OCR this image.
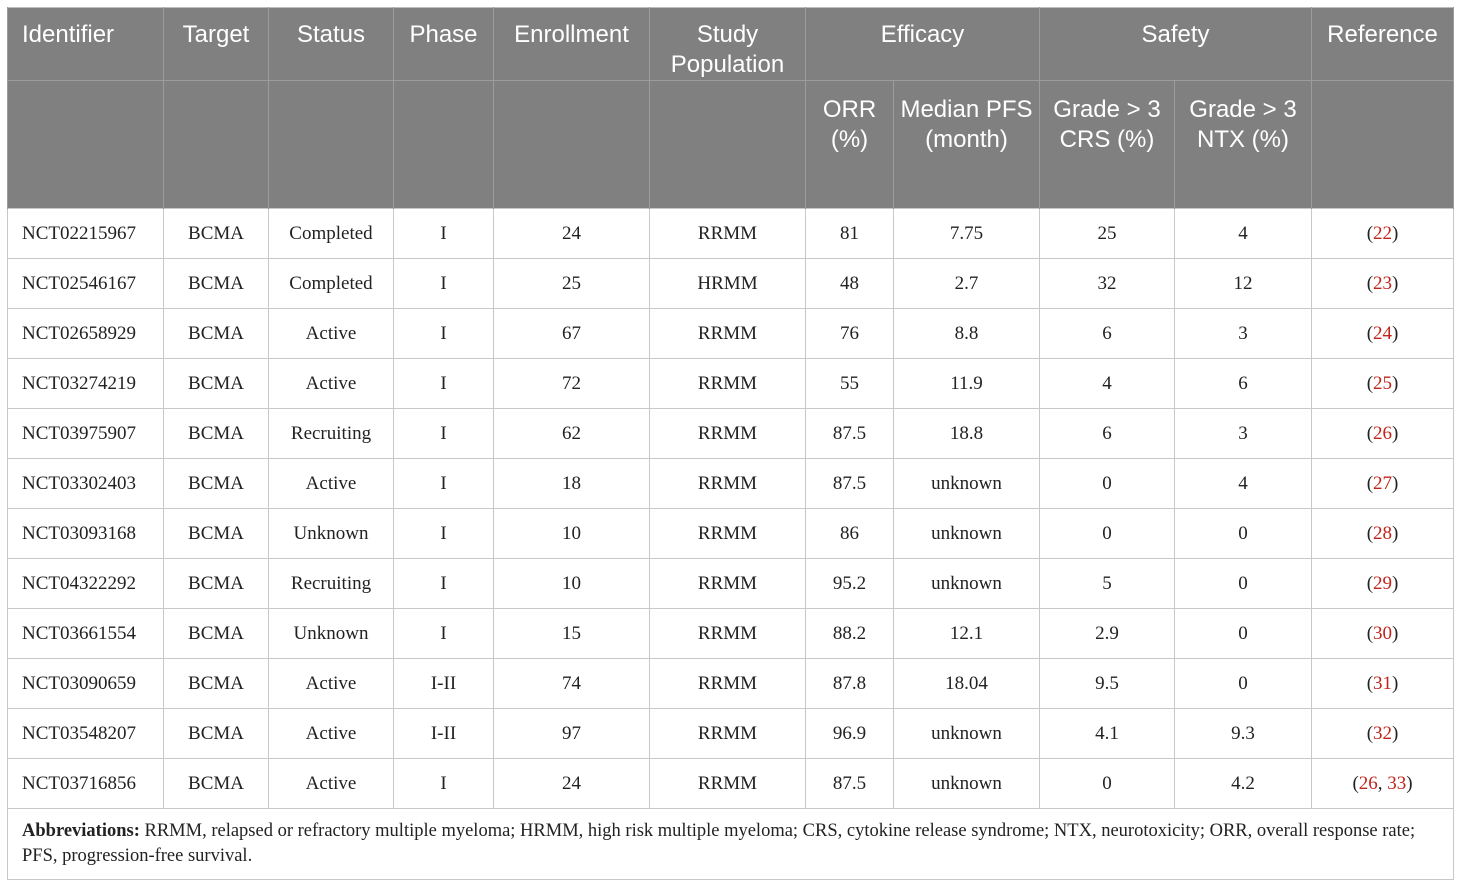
Identifier	Target	Status	Phase	Enrollment	Study Population	Efficacy		Safety		Reference
						ORR (%)	Median PFS (month)	Grade > 3 CRS (%)	Grade > 3 NTX (%)	
NCT02215967	BCMA	Completed	I	24	RRMM	81	7.75	25	4	(22)
NCT02546167	BCMA	Completed	I	25	HRMM	48	2.7	32	12	(23)
NCT02658929	BCMA	Active	I	67	RRMM	76	8.8	6	3	(24)
NCT03274219	BCMA	Active	I	72	RRMM	55	11.9	4	6	(25)
NCT03975907	BCMA	Recruiting	I	62	RRMM	87.5	18.8	6	3	(26)
NCT03302403	BCMA	Active	I	18	RRMM	87.5	unknown	0	4	(27)
NCT03093168	BCMA	Unknown	I	10	RRMM	86	unknown	0	0	(28)
NCT04322292	BCMA	Recruiting	I	10	RRMM	95.2	unknown	5	0	(29)
NCT03661554	BCMA	Unknown	I	15	RRMM	88.2	12.1	2.9	0	(30)
NCT03090659	BCMA	Active	I-II	74	RRMM	87.8	18.04	9.5	0	(31)
NCT03548207	BCMA	Active	I-II	97	RRMM	96.9	unknown	4.1	9.3	(32)
NCT03716856	BCMA	Active	I	24	RRMM	87.5	unknown	0	4.2	(26, 33)
Abbreviations: RRMM, relapsed or refractory multiple myeloma; HRMM, high risk multiple myeloma; CRS, cytokine release syndrome; NTX, neurotoxicity; ORR, overall response rate; PFS, progression-free survival.										
